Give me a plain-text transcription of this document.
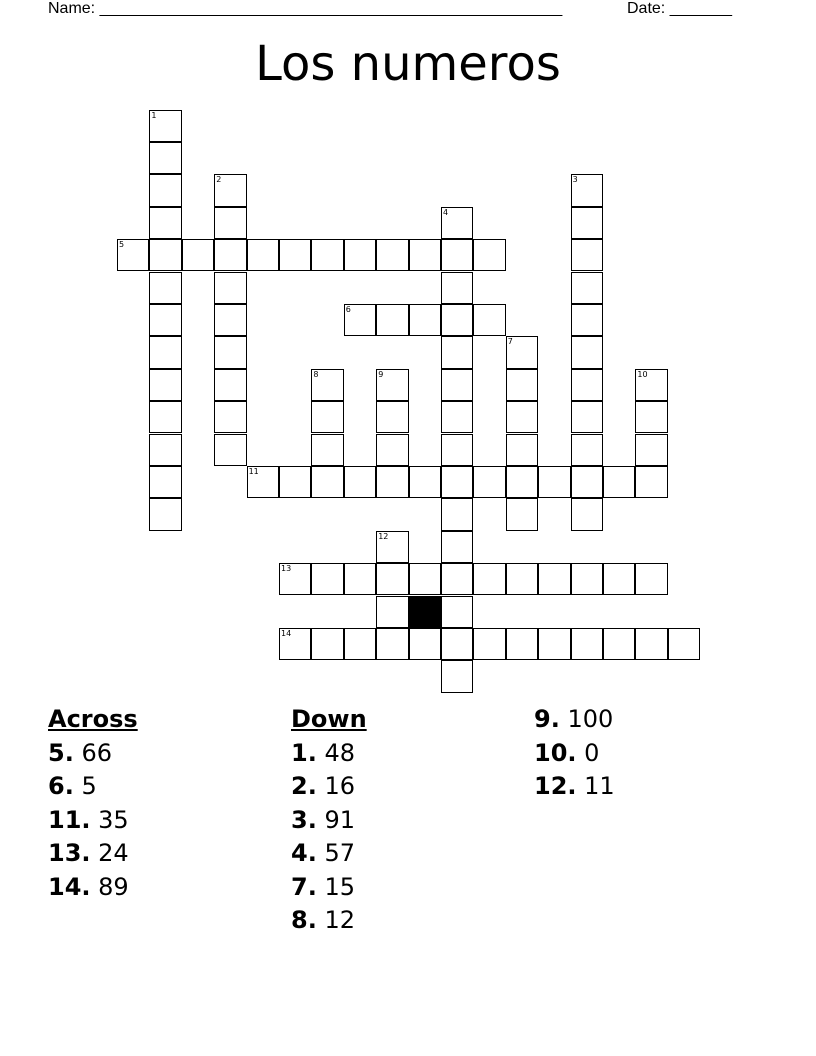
Name: ____________________________________________________	Date: _______
Los numeros
1
2	3
4
5
6
7
8	9	10
11
12
13
14
Across
5. 66
6. 5
11. 35
13. 24
14. 89
Down
1. 48
2. 16
3. 91
4. 57
7. 15
8. 12
9. 100
10. 0
12. 11
